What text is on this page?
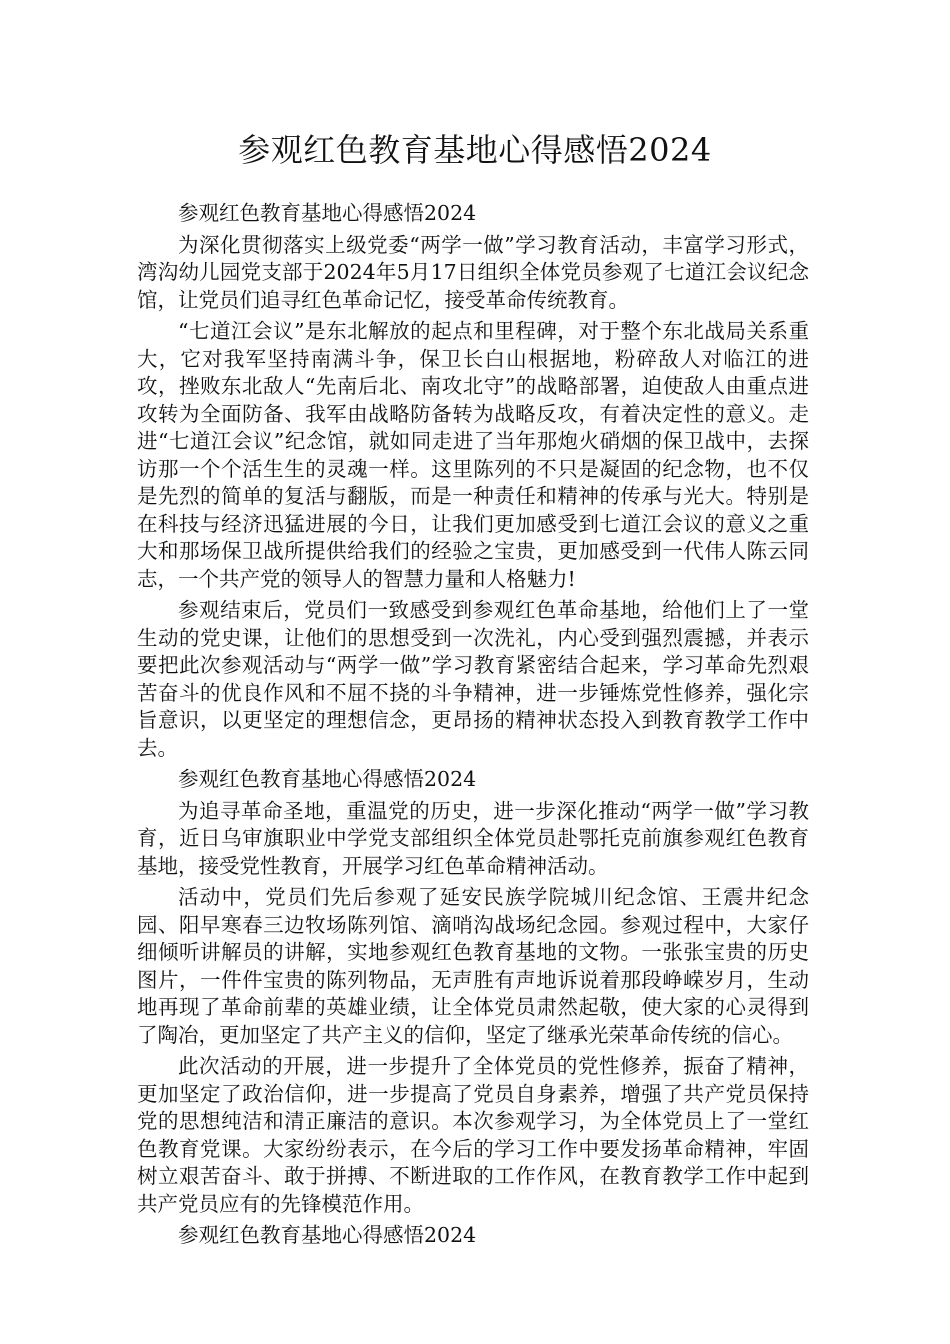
参观红色教育基地心得感悟2024

参观红色教育基地心得感悟2024

为深化贯彻落实上级党委“两学一做”学习教育活动，丰富学习形式，湾沟幼儿园党支部于2024年5月17日组织全体党员参观了七道江会议纪念馆，让党员们追寻红色革命记忆，接受革命传统教育。

“七道江会议”是东北解放的起点和里程碑，对于整个东北战局关系重大，它对我军坚持南满斗争，保卫长白山根据地，粉碎敌人对临江的进攻，挫败东北敌人“先南后北、南攻北守”的战略部署，迫使敌人由重点进攻转为全面防备、我军由战略防备转为战略反攻，有着决定性的意义。走进“七道江会议”纪念馆，就如同走进了当年那炮火硝烟的保卫战中，去探访那一个个活生生的灵魂一样。这里陈列的不只是凝固的纪念物，也不仅是先烈的简单的复活与翻版，而是一种责任和精神的传承与光大。特别是在科技与经济迅猛进展的今日，让我们更加感受到七道江会议的意义之重大和那场保卫战所提供给我们的经验之宝贵，更加感受到一代伟人陈云同志，一个共产党的领导人的智慧力量和人格魅力!

参观结束后，党员们一致感受到参观红色革命基地，给他们上了一堂生动的党史课，让他们的思想受到一次洗礼，内心受到强烈震撼，并表示要把此次参观活动与“两学一做”学习教育紧密结合起来，学习革命先烈艰苦奋斗的优良作风和不屈不挠的斗争精神，进一步锤炼党性修养，强化宗旨意识，以更坚定的理想信念，更昂扬的精神状态投入到教育教学工作中去。

参观红色教育基地心得感悟2024

为追寻革命圣地，重温党的历史，进一步深化推动“两学一做”学习教育，近日乌审旗职业中学党支部组织全体党员赴鄂托克前旗参观红色教育基地，接受党性教育，开展学习红色革命精神活动。

活动中，党员们先后参观了延安民族学院城川纪念馆、王震井纪念园、阳早寒春三边牧场陈列馆、滴哨沟战场纪念园。参观过程中，大家仔细倾听讲解员的讲解，实地参观红色教育基地的文物。一张张宝贵的历史图片，一件件宝贵的陈列物品，无声胜有声地诉说着那段峥嵘岁月，生动地再现了革命前辈的英雄业绩，让全体党员肃然起敬，使大家的心灵得到了陶冶，更加坚定了共产主义的信仰，坚定了继承光荣革命传统的信心。

此次活动的开展，进一步提升了全体党员的党性修养，振奋了精神，更加坚定了政治信仰，进一步提高了党员自身素养，增强了共产党员保持党的思想纯洁和清正廉洁的意识。本次参观学习，为全体党员上了一堂红色教育党课。大家纷纷表示，在今后的学习工作中要发扬革命精神，牢固树立艰苦奋斗、敢于拼搏、不断进取的工作作风，在教育教学工作中起到共产党员应有的先锋模范作用。

参观红色教育基地心得感悟2024
